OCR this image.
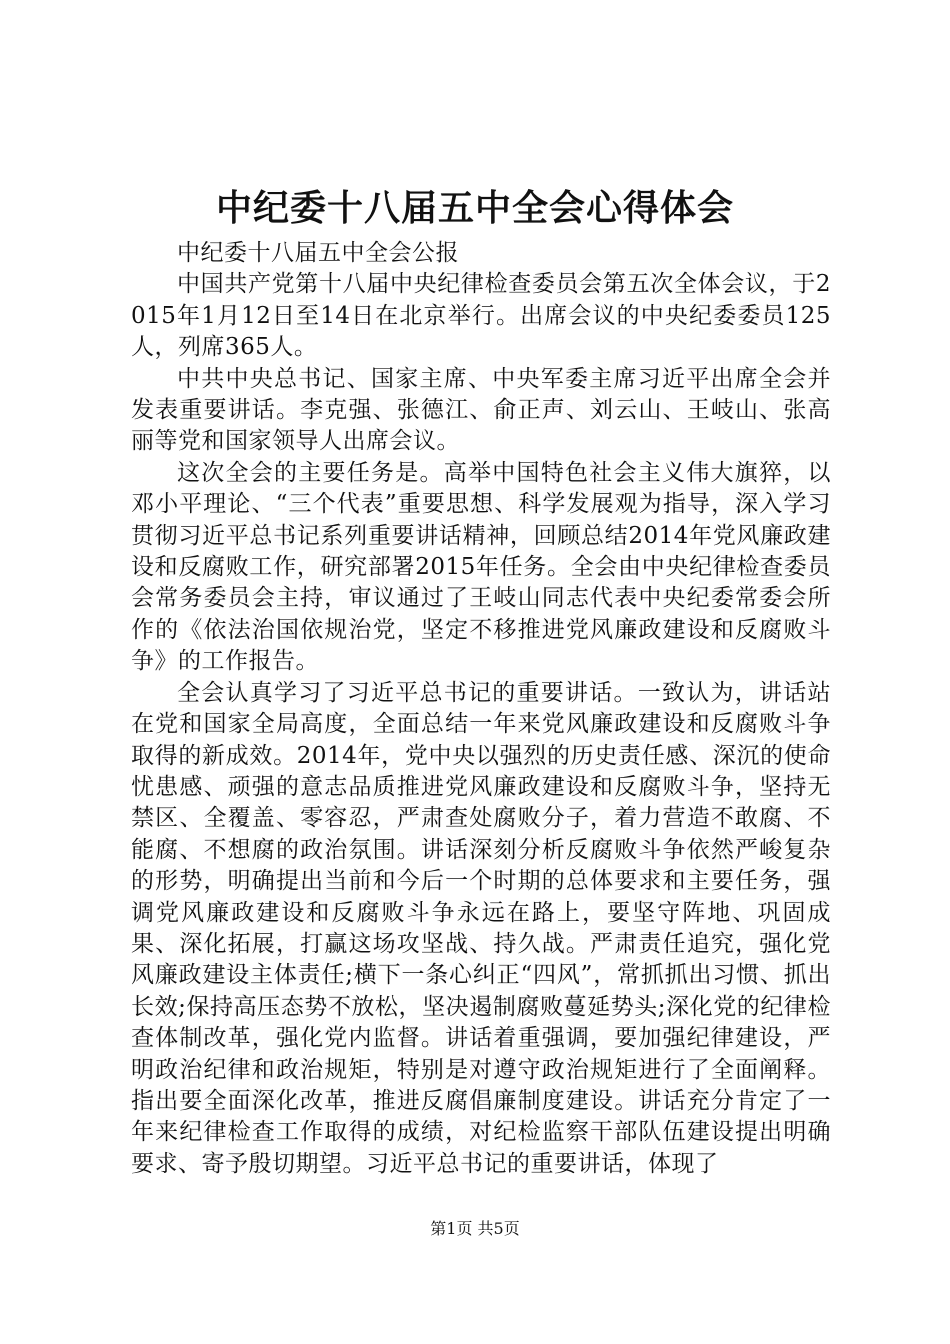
中纪委十八届五中全会心得体会

中纪委十八届五中全会公报

中国共产党第十八届中央纪律检查委员会第五次全体会议，于2015年1月12日至14日在北京举行。出席会议的中央纪委委员125人，列席365人。

中共中央总书记、国家主席、中央军委主席习近平出席全会并发表重要讲话。李克强、张德江、俞正声、刘云山、王岐山、张高丽等党和国家领导人出席会议。

这次全会的主要任务是。高举中国特色社会主义伟大旗猝，以邓小平理论、“三个代表”重要思想、科学发展观为指导，深入学习贯彻习近平总书记系列重要讲话精神，回顾总结2014年党风廉政建设和反腐败工作，研究部署2015年任务。全会由中央纪律检查委员会常务委员会主持，审议通过了王岐山同志代表中央纪委常委会所作的《依法治国依规治党，坚定不移推进党风廉政建设和反腐败斗争》的工作报告。

全会认真学习了习近平总书记的重要讲话。一致认为，讲话站在党和国家全局高度，全面总结一年来党风廉政建设和反腐败斗争取得的新成效。2014年，党中央以强烈的历史责任感、深沉的使命忧患感、顽强的意志品质推进党风廉政建设和反腐败斗争，坚持无禁区、全覆盖、零容忍，严肃查处腐败分子，着力营造不敢腐、不能腐、不想腐的政治氛围。讲话深刻分析反腐败斗争依然严峻复杂的形势，明确提出当前和今后一个时期的总体要求和主要任务，强调党风廉政建设和反腐败斗争永远在路上，要坚守阵地、巩固成果、深化拓展，打赢这场攻坚战、持久战。严肃责任追究，强化党风廉政建设主体责任;横下一条心纠正“四风”，常抓抓出习惯、抓出长效;保持高压态势不放松，坚决遏制腐败蔓延势头;深化党的纪律检查体制改革，强化党内监督。讲话着重强调，要加强纪律建设，严明政治纪律和政治规矩，特别是对遵守政治规矩进行了全面阐释。指出要全面深化改革，推进反腐倡廉制度建设。讲话充分肯定了一年来纪律检查工作取得的成绩，对纪检监察干部队伍建设提出明确要求、寄予殷切期望。习近平总书记的重要讲话，体现了

第1页 共5页
